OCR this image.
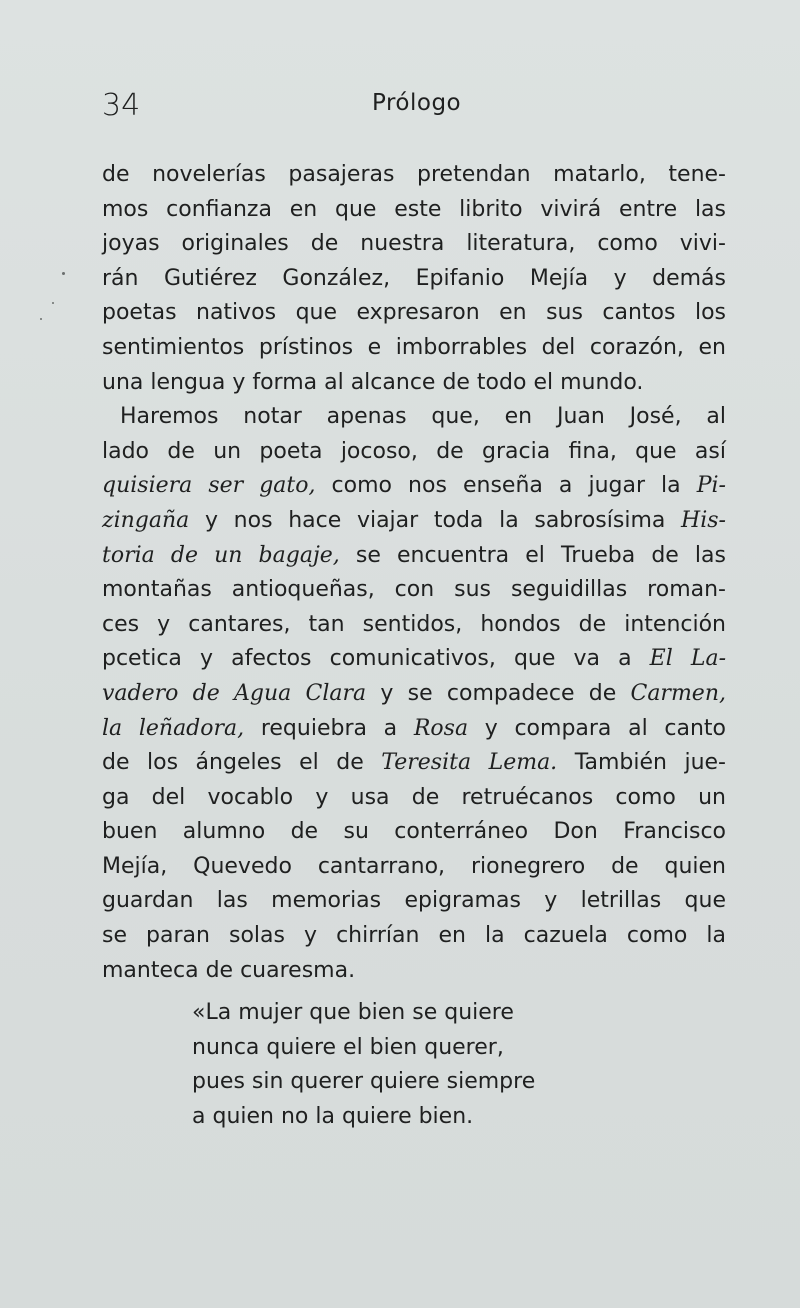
34	Prólogo
de novelerías pasajeras pretendan matarlo, tene-
mos confianza en que este librito vivirá entre las
joyas originales de nuestra literatura, como vivi-
rán Gutiérez González, Epifanio Mejía y demás
poetas nativos que expresaron en sus cantos los
sentimientos prístinos e imborrables del corazón, en
una lengua y forma al alcance de todo el mundo.
Haremos notar apenas que, en Juan José, al
lado de un poeta jocoso, de gracia fina, que así
quisiera ser gato, como nos enseña a jugar la Pi-
zingaña y nos hace viajar toda la sabrosísima His-
toria de un bagaje, se encuentra el Trueba de las
montañas antioqueñas, con sus seguidillas roman-
ces y cantares, tan sentidos, hondos de intención
pcetica y afectos comunicativos, que va a El La-
vadero de Agua Clara y se compadece de Carmen,
la leñadora, requiebra a Rosa y compara al canto
de los ángeles el de Teresita Lema. También jue-
ga del vocablo y usa de retruécanos como un
buen alumno de su conterráneo Don Francisco
Mejía, Quevedo cantarrano, rionegrero de quien
guardan las memorias epigramas y letrillas que
se paran solas y chirrían en la cazuela como la
manteca de cuaresma.
«La mujer que bien se quiere
nunca quiere el bien querer,
pues sin querer quiere siempre
a quien no la quiere bien.
